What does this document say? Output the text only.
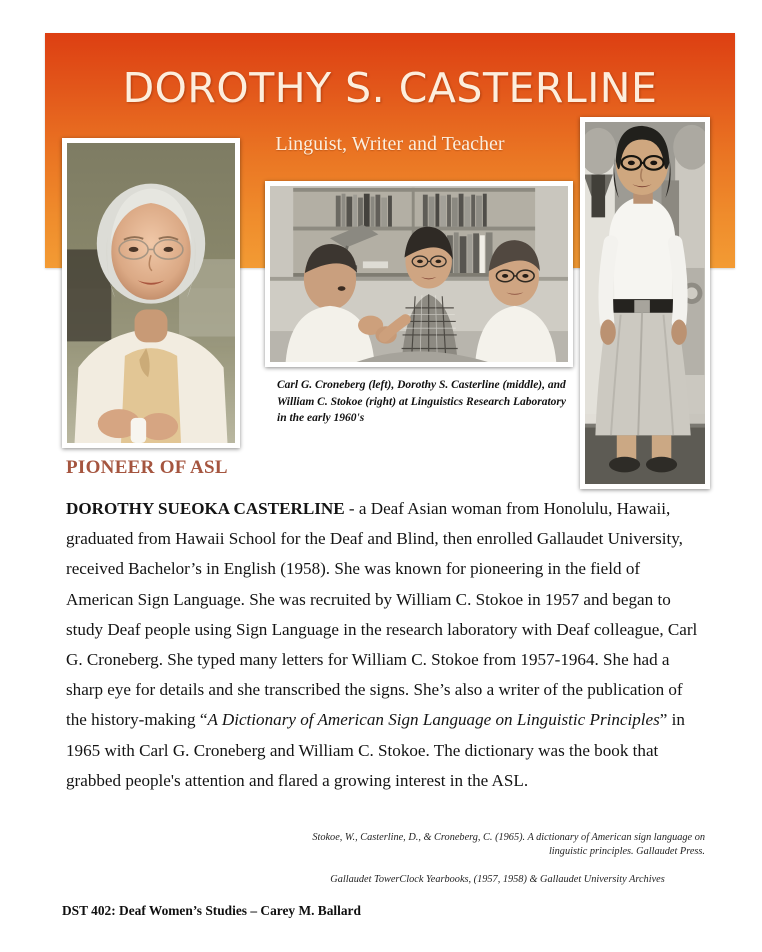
DOROTHY S. CASTERLINE
Linguist, Writer and Teacher
Carl G. Croneberg (left), Dorothy S. Casterline (middle), and William C. Stokoe (right) at Linguistics Research Laboratory in the early 1960's
PIONEER OF ASL
DOROTHY SUEOKA CASTERLINE - a Deaf Asian woman from Honolulu, Hawaii, graduated from Hawaii School for the Deaf and Blind, then enrolled Gallaudet University, received Bachelor’s in English (1958). She was known for pioneering in the field of American Sign Language. She was recruited by William C. Stokoe in 1957 and began to study Deaf people using Sign Language in the research laboratory with Deaf colleague, Carl G. Croneberg. She typed many letters for William C. Stokoe from 1957-1964. She had a sharp eye for details and she transcribed the signs. She’s also a writer of the publication of the history-making “A Dictionary of American Sign Language on Linguistic Principles” in 1965 with Carl G. Croneberg and William C. Stokoe. The dictionary was the book that grabbed people's attention and flared a growing interest in the ASL.
Stokoe, W., Casterline, D., & Croneberg, C. (1965). A dictionary of American sign language on linguistic principles. Gallaudet Press.
Gallaudet TowerClock Yearbooks, (1957, 1958) & Gallaudet University Archives
DST 402: Deaf Women’s Studies – Carey M. Ballard
